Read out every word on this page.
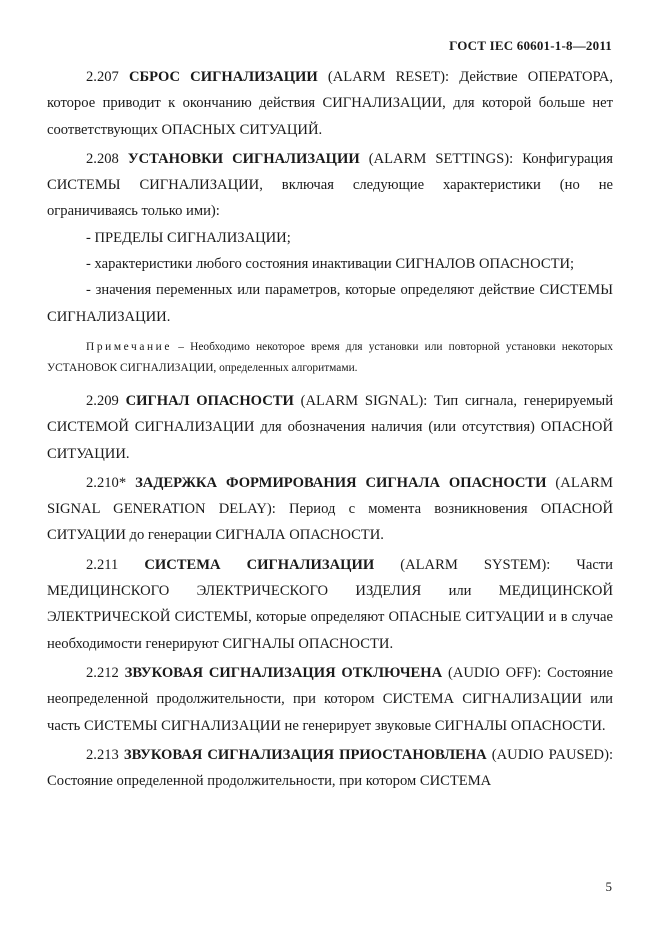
ГОСТ IEC 60601-1-8—2011

2.207 СБРОС СИГНАЛИЗАЦИИ (ALARM RESET): Действие ОПЕРАТОРА, которое приводит к окончанию действия СИГНАЛИЗАЦИИ, для которой больше нет соответствующих ОПАСНЫХ СИТУАЦИЙ.

2.208 УСТАНОВКИ СИГНАЛИЗАЦИИ (ALARM SETTINGS): Конфигурация СИСТЕМЫ СИГНАЛИЗАЦИИ, включая следующие характеристики (но не ограничиваясь только ими):

- ПРЕДЕЛЫ СИГНАЛИЗАЦИИ;

- характеристики любого состояния инактивации СИГНАЛОВ ОПАСНОСТИ;

- значения переменных или параметров, которые определяют действие СИСТЕМЫ СИГНАЛИЗАЦИИ.

Примечание – Необходимо некоторое время для установки или повторной установки некоторых УСТАНОВОК СИГНАЛИЗАЦИИ, определенных алгоритмами.

2.209 СИГНАЛ ОПАСНОСТИ (ALARM SIGNAL): Тип сигнала, генерируемый СИСТЕМОЙ СИГНАЛИЗАЦИИ для обозначения наличия (или отсутствия) ОПАСНОЙ СИТУАЦИИ.

2.210* ЗАДЕРЖКА ФОРМИРОВАНИЯ СИГНАЛА ОПАСНОСТИ (ALARM SIGNAL GENERATION DELAY): Период с момента возникновения ОПАСНОЙ СИТУАЦИИ до генерации СИГНАЛА ОПАСНОСТИ.

2.211 СИСТЕМА СИГНАЛИЗАЦИИ (ALARM SYSTEM): Части МЕДИЦИНСКОГО ЭЛЕКТРИЧЕСКОГО ИЗДЕЛИЯ или МЕДИЦИНСКОЙ ЭЛЕКТРИЧЕСКОЙ СИСТЕМЫ, которые определяют ОПАСНЫЕ СИТУАЦИИ и в случае необходимости генерируют СИГНАЛЫ ОПАСНОСТИ.

2.212 ЗВУКОВАЯ СИГНАЛИЗАЦИЯ ОТКЛЮЧЕНА (AUDIO OFF): Состояние неопределенной продолжительности, при котором СИСТЕМА СИГНАЛИЗАЦИИ или часть СИСТЕМЫ СИГНАЛИЗАЦИИ не генерирует звуковые СИГНАЛЫ ОПАСНОСТИ.

2.213 ЗВУКОВАЯ СИГНАЛИЗАЦИЯ ПРИОСТАНОВЛЕНА (AUDIO PAUSED): Состояние определенной продолжительности, при котором СИСТЕМА

5
